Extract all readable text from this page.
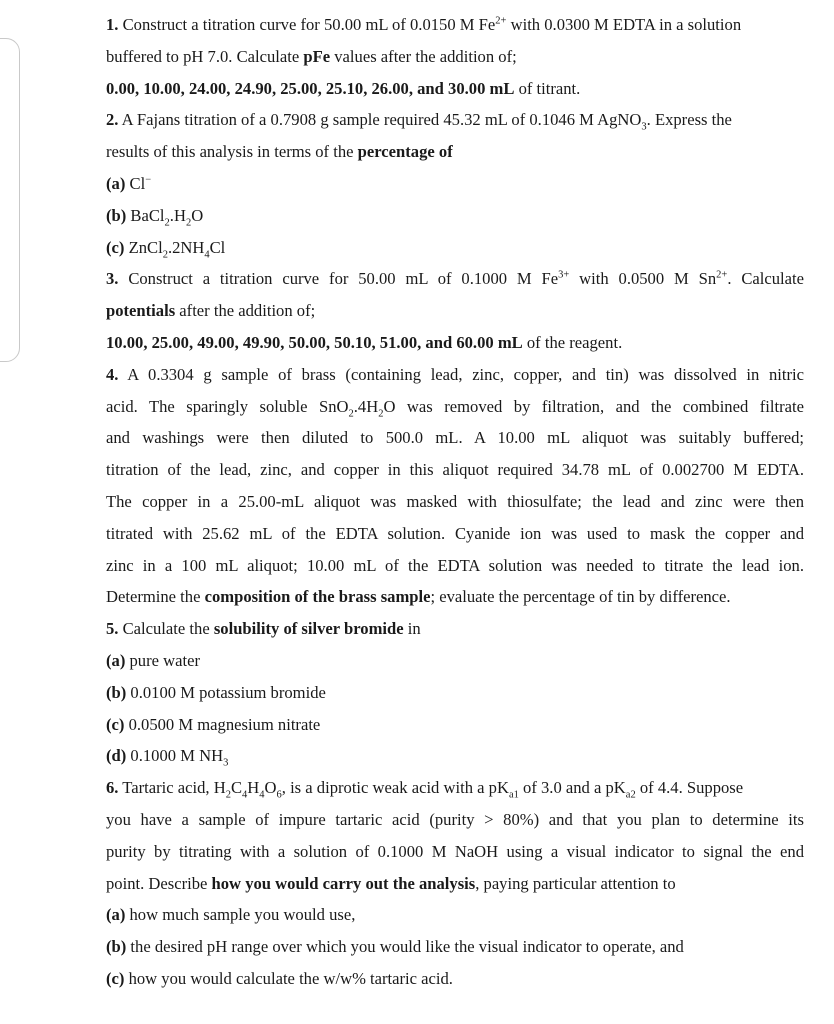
1. Construct a titration curve for 50.00 mL of 0.0150 M $Fe^{2+}$ with 0.0300 M EDTA in a solution
buffered to pH 7.0. Calculate pFe values after the addition of;
0.00, 10.00, 24.00, 24.90, 25.00, 25.10, 26.00, and 30.00 mL of titrant.
2. A Fajans titration of a 0.7908 g sample required 45.32 mL of 0.1046 M AgNO$_3$. Express the
results of this analysis in terms of the percentage of
(a) Cl−
(b) $BaCl_2.H_2O$
(c) $ZnCl_2.2NH_4Cl$
3. Construct a titration curve for 50.00 mL of 0.1000 M $Fe^{3+}$ with 0.0500 M $Sn^{2+}$. Calculate
potentials after the addition of;
10.00, 25.00, 49.00, 49.90, 50.00, 50.10, 51.00, and 60.00 mL of the reagent.
4. A 0.3304 g sample of brass (containing lead, zinc, copper, and tin) was dissolved in nitric
acid. The sparingly soluble $SnO_2.4H_2O$ was removed by filtration, and the combined filtrate
and washings were then diluted to 500.0 mL. A 10.00 mL aliquot was suitably buffered;
titration of the lead, zinc, and copper in this aliquot required 34.78 mL of 0.002700 M EDTA.
The copper in a 25.00-mL aliquot was masked with thiosulfate; the lead and zinc were then
titrated with 25.62 mL of the EDTA solution. Cyanide ion was used to mask the copper and
zinc in a 100 mL aliquot; 10.00 mL of the EDTA solution was needed to titrate the lead ion.
Determine the composition of the brass sample; evaluate the percentage of tin by difference.
5. Calculate the solubility of silver bromide in
(a) pure water
(b) 0.0100 M potassium bromide
(c) 0.0500 M magnesium nitrate
(d) 0.1000 M $NH_3$
6. Tartaric acid, $H_2C_4H_4O_6$, is a diprotic weak acid with a $pK_{a1}$ of 3.0 and a $pK_{a2}$ of 4.4. Suppose
you have a sample of impure tartaric acid (purity > 80%) and that you plan to determine its
purity by titrating with a solution of 0.1000 M NaOH using a visual indicator to signal the end
point. Describe how you would carry out the analysis, paying particular attention to
(a) how much sample you would use,
(b) the desired pH range over which you would like the visual indicator to operate, and
(c) how you would calculate the w/w% tartaric acid.
